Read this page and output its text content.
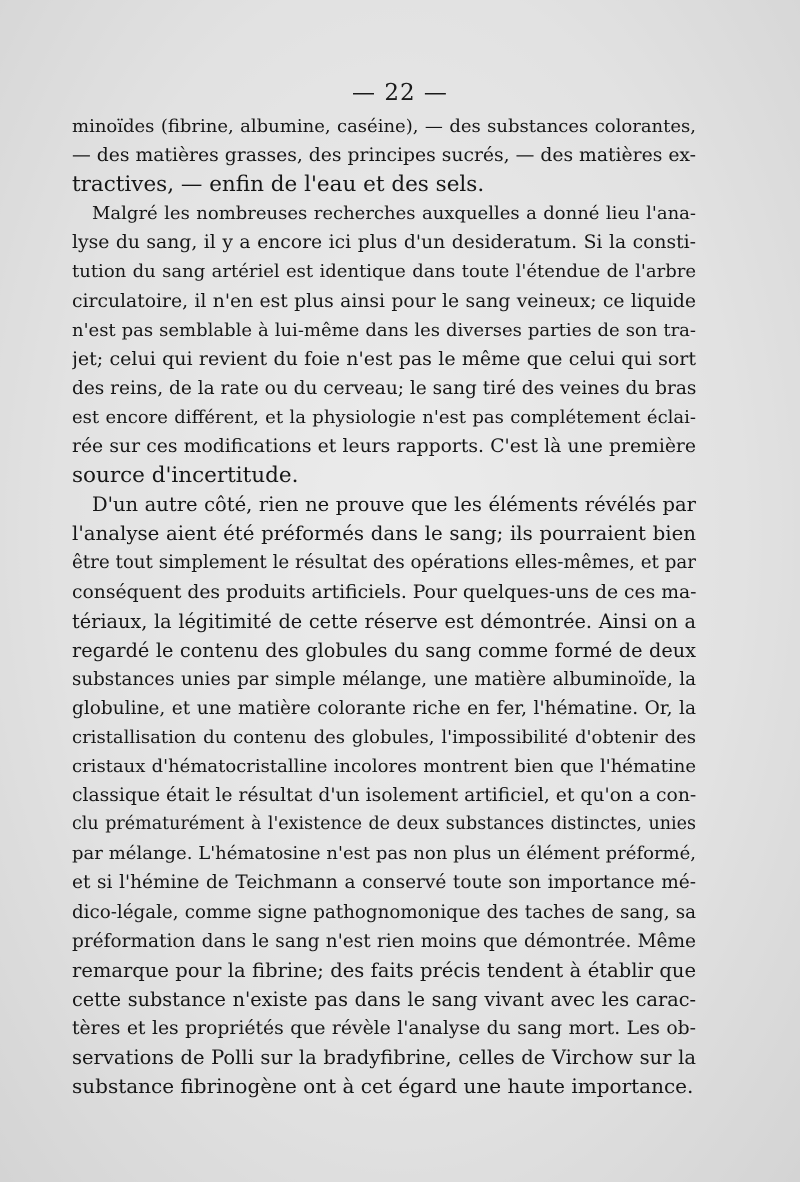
— 22 —
minoïdes (fibrine, albumine, caséine), — des substances colorantes,
— des matières grasses, des principes sucrés, — des matières ex-
tractives, — enfin de l'eau et des sels.
Malgré les nombreuses recherches auxquelles a donné lieu l'ana-
lyse du sang, il y a encore ici plus d'un desideratum. Si la consti-
tution du sang artériel est identique dans toute l'étendue de l'arbre
circulatoire, il n'en est plus ainsi pour le sang veineux; ce liquide
n'est pas semblable à lui-même dans les diverses parties de son tra-
jet; celui qui revient du foie n'est pas le même que celui qui sort
des reins, de la rate ou du cerveau; le sang tiré des veines du bras
est encore différent, et la physiologie n'est pas complétement éclai-
rée sur ces modifications et leurs rapports. C'est là une première
source d'incertitude.
D'un autre côté, rien ne prouve que les éléments révélés par
l'analyse aient été préformés dans le sang; ils pourraient bien
être tout simplement le résultat des opérations elles-mêmes, et par
conséquent des produits artificiels. Pour quelques-uns de ces ma-
tériaux, la légitimité de cette réserve est démontrée. Ainsi on a
regardé le contenu des globules du sang comme formé de deux
substances unies par simple mélange, une matière albuminoïde, la
globuline, et une matière colorante riche en fer, l'hématine. Or, la
cristallisation du contenu des globules, l'impossibilité d'obtenir des
cristaux d'hématocristalline incolores montrent bien que l'hématine
classique était le résultat d'un isolement artificiel, et qu'on a con-
clu prématurément à l'existence de deux substances distinctes, unies
par mélange. L'hématosine n'est pas non plus un élément préformé,
et si l'hémine de Teichmann a conservé toute son importance mé-
dico-légale, comme signe pathognomonique des taches de sang, sa
préformation dans le sang n'est rien moins que démontrée. Même
remarque pour la fibrine; des faits précis tendent à établir que
cette substance n'existe pas dans le sang vivant avec les carac-
tères et les propriétés que révèle l'analyse du sang mort. Les ob-
servations de Polli sur la bradyfibrine, celles de Virchow sur la
substance fibrinogène ont à cet égard une haute importance.
